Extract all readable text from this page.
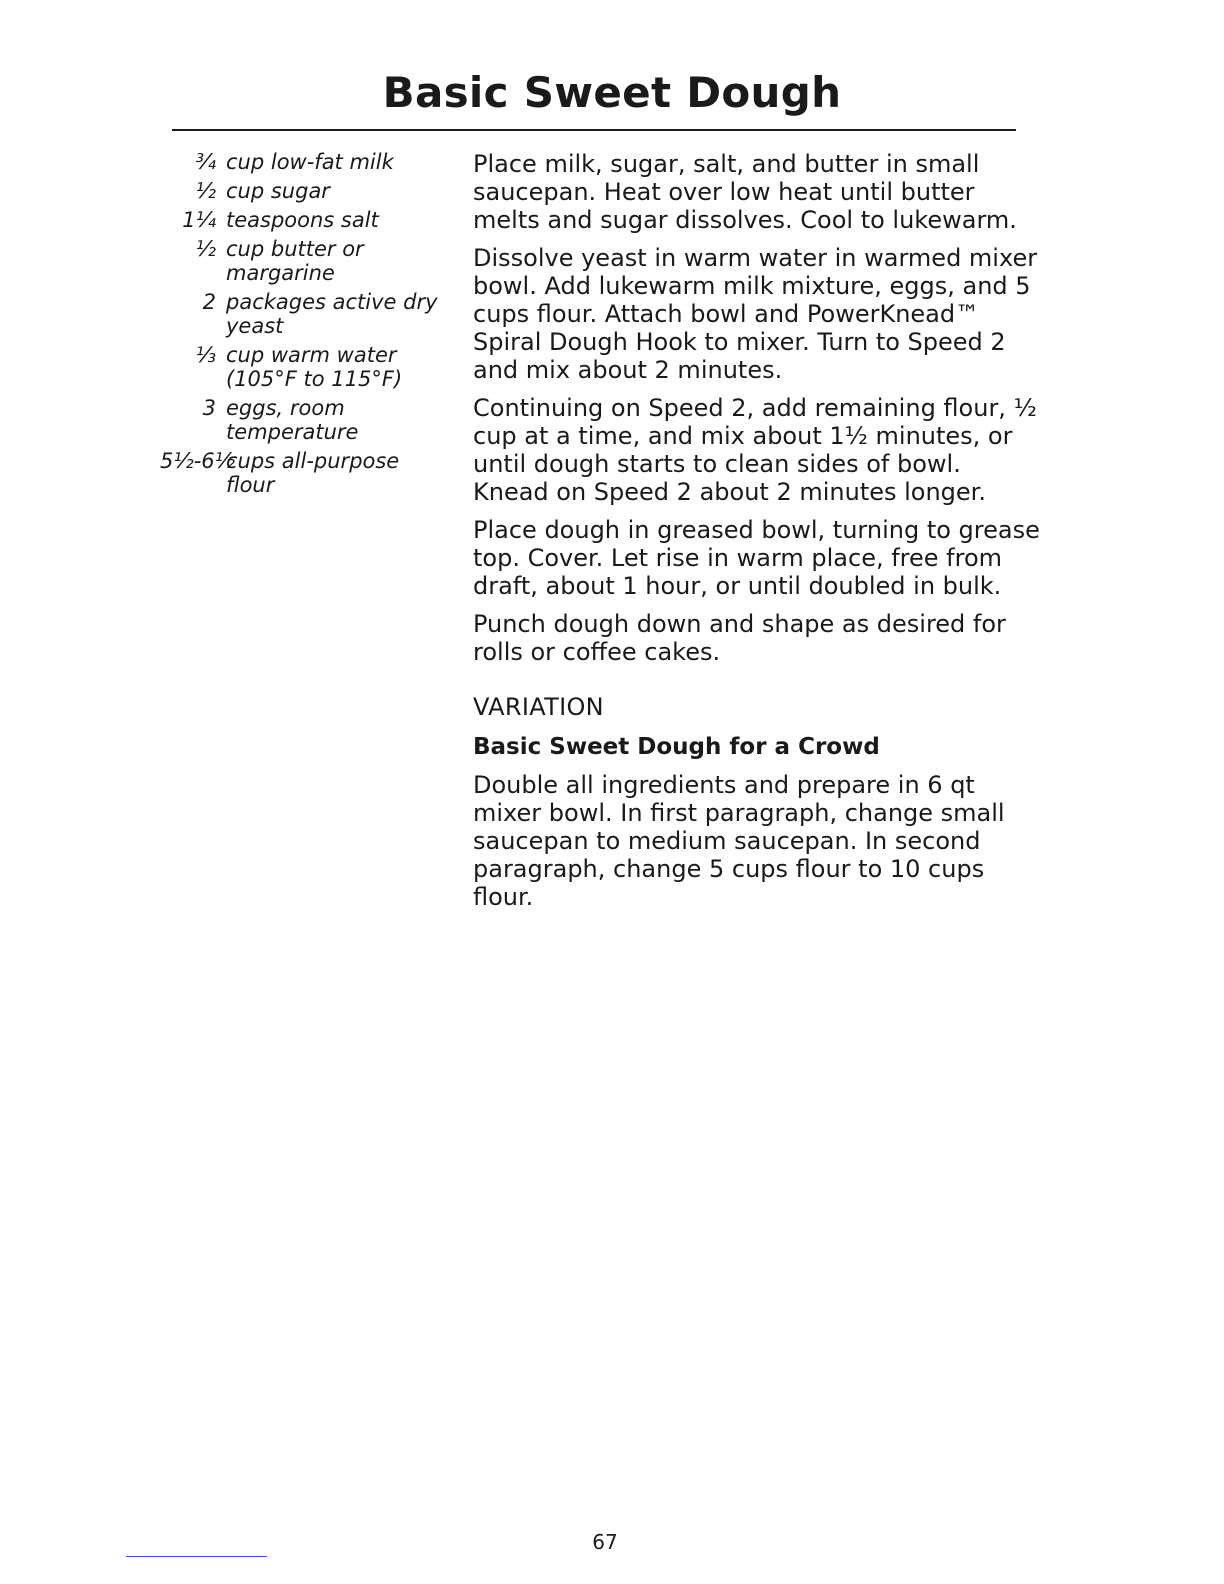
Basic Sweet Dough
¾ cup low-fat milk
½ cup sugar
1¼ teaspoons salt
½ cup butter or margarine
2 packages active dry yeast
⅓ cup warm water (105°F to 115°F)
3 eggs, room temperature
5½-6½
cups all-purpose flour

Place milk, sugar, salt, and butter in small saucepan. Heat over low heat until butter melts and sugar dissolves. Cool to lukewarm.

Dissolve yeast in warm water in warmed mixer bowl. Add lukewarm milk mixture, eggs, and 5 cups flour. Attach bowl and PowerKnead™ Spiral Dough Hook to mixer. Turn to Speed 2 and mix about 2 minutes.

Continuing on Speed 2, add remaining flour, ½ cup at a time, and mix about 1½ minutes, or until dough starts to clean sides of bowl. Knead on Speed 2 about 2 minutes longer.

Place dough in greased bowl, turning to grease top. Cover. Let rise in warm place, free from draft, about 1 hour, or until doubled in bulk.

Punch dough down and shape as desired for rolls or coffee cakes.

VARIATION
Basic Sweet Dough for a Crowd

Double all ingredients and prepare in 6 qt mixer bowl. In first paragraph, change small saucepan to medium saucepan. In second paragraph, change 5 cups flour to 10 cups flour.

67
